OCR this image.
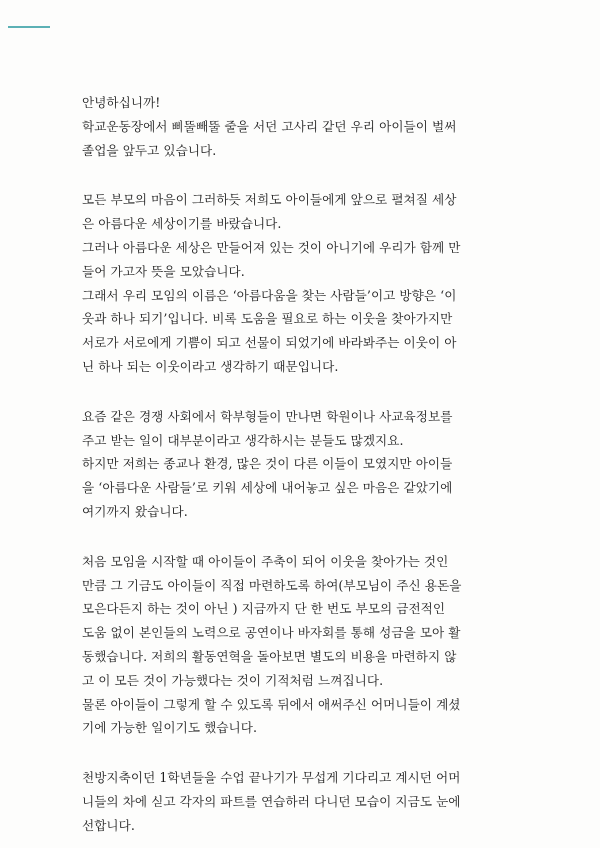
안녕하십니까!
학교운동장에서 삐뚤빼뚤 줄을 서던 고사리 같던 우리 아이들이 벌써
졸업을 앞두고 있습니다.

모든 부모의 마음이 그러하듯 저희도 아이들에게 앞으로 펼쳐질 세상
은 아름다운 세상이기를 바랐습니다.
그러나 아름다운 세상은 만들어져 있는 것이 아니기에 우리가 함께 만
들어 가고자 뜻을 모았습니다.
그래서 우리 모임의 이름은 ‘아름다움을 찾는 사람들’이고 방향은 ‘이
웃과 하나 되기’입니다. 비록 도움을 필요로 하는 이웃을 찾아가지만
서로가 서로에게 기쁨이 되고 선물이 되었기에 바라봐주는 이웃이 아
닌 하나 되는 이웃이라고 생각하기 때문입니다.

요즘 같은 경쟁 사회에서 학부형들이 만나면 학원이나 사교육정보를
주고 받는 일이 대부분이라고 생각하시는 분들도 많겠지요.
하지만 저희는 종교나 환경, 많은 것이 다른 이들이 모였지만 아이들
을 ‘아름다운 사람들’로 키워 세상에 내어놓고 싶은 마음은 같았기에
여기까지 왔습니다.

처음 모임을 시작할 때 아이들이 주축이 되어 이웃을 찾아가는 것인
만큼 그 기금도 아이들이 직접 마련하도록 하여(부모님이 주신 용돈을
모은다든지 하는 것이 아닌 ) 지금까지 단 한 번도 부모의 금전적인
도움 없이 본인들의 노력으로 공연이나 바자회를 통해 성금을 모아 활
동했습니다. 저희의 활동연혁을 돌아보면 별도의 비용을 마련하지 않
고 이 모든 것이 가능했다는 것이 기적처럼 느껴집니다.
물론 아이들이 그렇게 할 수 있도록 뒤에서 애써주신 어머니들이 계셨
기에 가능한 일이기도 했습니다.

천방지축이던 1학년들을 수업 끝나기가 무섭게 기다리고 계시던 어머
니들의 차에 싣고 각자의 파트를 연습하러 다니던 모습이 지금도 눈에
선합니다.
